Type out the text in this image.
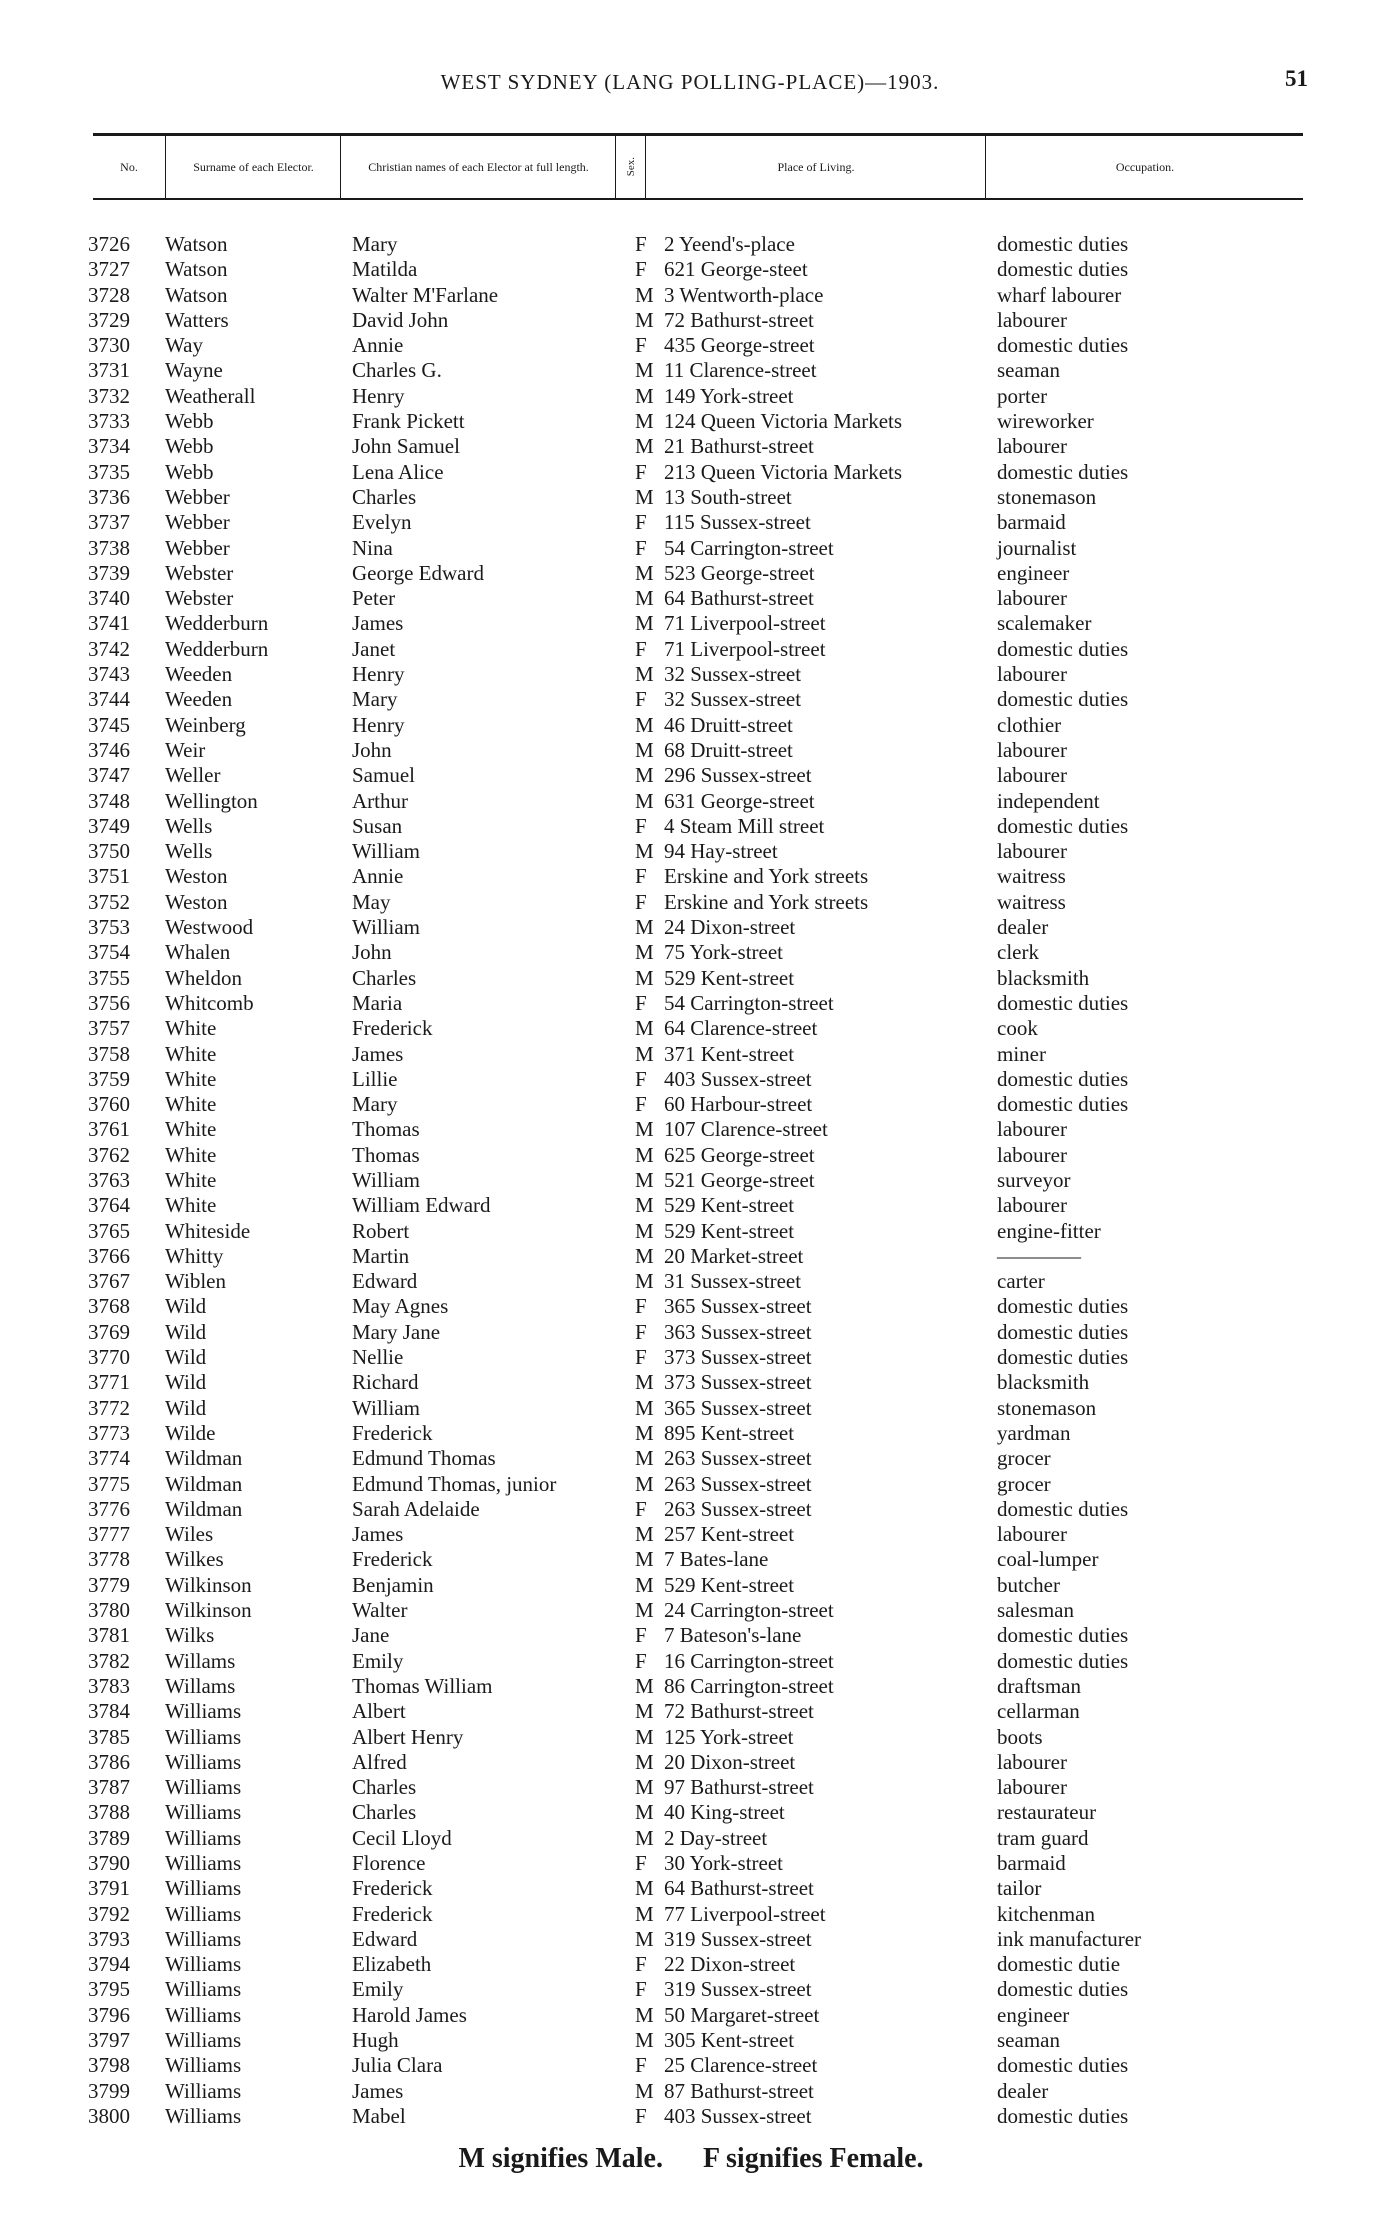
WEST SYDNEY (LANG POLLING-PLACE)—1903.	51
No.	Surname of each Elector.	Christian names of each Elector at full length.	Sex.	Place of Living.	Occupation.
3726 Watson	Mary	F 2 Yeend's-place	domestic duties
3727 Watson	Matilda	F 621 George-steet	domestic duties
3728 Watson	Walter M'Farlane	M 3 Wentworth-place	wharf labourer
3729 Watters	David John	M 72 Bathurst-street	labourer
3730 Way	Annie	F 435 George-street	domestic duties
3731 Wayne	Charles G.	M 11 Clarence-street	seaman
3732 Weatherall	Henry	M 149 York-street	porter
3733 Webb	Frank Pickett	M 124 Queen Victoria Markets	wireworker
3734 Webb	John Samuel	M 21 Bathurst-street	labourer
3735 Webb	Lena Alice	F 213 Queen Victoria Markets	domestic duties
3736 Webber	Charles	M 13 South-street	stonemason
3737 Webber	Evelyn	F 115 Sussex-street	barmaid
3738 Webber	Nina	F 54 Carrington-street	journalist
3739 Webster	George Edward	M 523 George-street	engineer
3740 Webster	Peter	M 64 Bathurst-street	labourer
3741 Wedderburn	James	M 71 Liverpool-street	scalemaker
3742 Wedderburn	Janet	F 71 Liverpool-street	domestic duties
3743 Weeden	Henry	M 32 Sussex-street	labourer
3744 Weeden	Mary	F 32 Sussex-street	domestic duties
3745 Weinberg	Henry	M 46 Druitt-street	clothier
3746 Weir	John	M 68 Druitt-street	labourer
3747 Weller	Samuel	M 296 Sussex-street	labourer
3748 Wellington	Arthur	M 631 George-street	independent
3749 Wells	Susan	F 4 Steam Mill street	domestic duties
3750 Wells	William	M 94 Hay-street	labourer
3751 Weston	Annie	F Erskine and York streets	waitress
3752 Weston	May	F Erskine and York streets	waitress
3753 Westwood	William	M 24 Dixon-street	dealer
3754 Whalen	John	M 75 York-street	clerk
3755 Wheldon	Charles	M 529 Kent-street	blacksmith
3756 Whitcomb	Maria	F 54 Carrington-street	domestic duties
3757 White	Frederick	M 64 Clarence-street	cook
3758 White	James	M 371 Kent-street	miner
3759 White	Lillie	F 403 Sussex-street	domestic duties
3760 White	Mary	F 60 Harbour-street	domestic duties
3761 White	Thomas	M 107 Clarence-street	labourer
3762 White	Thomas	M 625 George-street	labourer
3763 White	William	M 521 George-street	surveyor
3764 White	William Edward	M 529 Kent-street	labourer
3765 Whiteside	Robert	M 529 Kent-street	engine-fitter
3766 Whitty	Martin	M 20 Market-street	————
3767 Wiblen	Edward	M 31 Sussex-street	carter
3768 Wild	May Agnes	F 365 Sussex-street	domestic duties
3769 Wild	Mary Jane	F 363 Sussex-street	domestic duties
3770 Wild	Nellie	F 373 Sussex-street	domestic duties
3771 Wild	Richard	M 373 Sussex-street	blacksmith
3772 Wild	William	M 365 Sussex-street	stonemason
3773 Wilde	Frederick	M 895 Kent-street	yardman
3774 Wildman	Edmund Thomas	M 263 Sussex-street	grocer
3775 Wildman	Edmund Thomas, junior	M 263 Sussex-street	grocer
3776 Wildman	Sarah Adelaide	F 263 Sussex-street	domestic duties
3777 Wiles	James	M 257 Kent-street	labourer
3778 Wilkes	Frederick	M 7 Bates-lane	coal-lumper
3779 Wilkinson	Benjamin	M 529 Kent-street	butcher
3780 Wilkinson	Walter	M 24 Carrington-street	salesman
3781 Wilks	Jane	F 7 Bateson's-lane	domestic duties
3782 Willams	Emily	F 16 Carrington-street	domestic duties
3783 Willams	Thomas William	M 86 Carrington-street	draftsman
3784 Williams	Albert	M 72 Bathurst-street	cellarman
3785 Williams	Albert Henry	M 125 York-street	boots
3786 Williams	Alfred	M 20 Dixon-street	labourer
3787 Williams	Charles	M 97 Bathurst-street	labourer
3788 Williams	Charles	M 40 King-street	restaurateur
3789 Williams	Cecil Lloyd	M 2 Day-street	tram guard
3790 Williams	Florence	F 30 York-street	barmaid
3791 Williams	Frederick	M 64 Bathurst-street	tailor
3792 Williams	Frederick	M 77 Liverpool-street	kitchenman
3793 Williams	Edward	M 319 Sussex-street	ink manufacturer
3794 Williams	Elizabeth	F 22 Dixon-street	domestic dutie
3795 Williams	Emily	F 319 Sussex-street	domestic duties
3796 Williams	Harold James	M 50 Margaret-street	engineer
3797 Williams	Hugh	M 305 Kent-street	seaman
3798 Williams	Julia Clara	F 25 Clarence-street	domestic duties
3799 Williams	James	M 87 Bathurst-street	dealer
3800 Williams	Mabel	F 403 Sussex-street	domestic duties
M signifies Male. F signifies Female.
